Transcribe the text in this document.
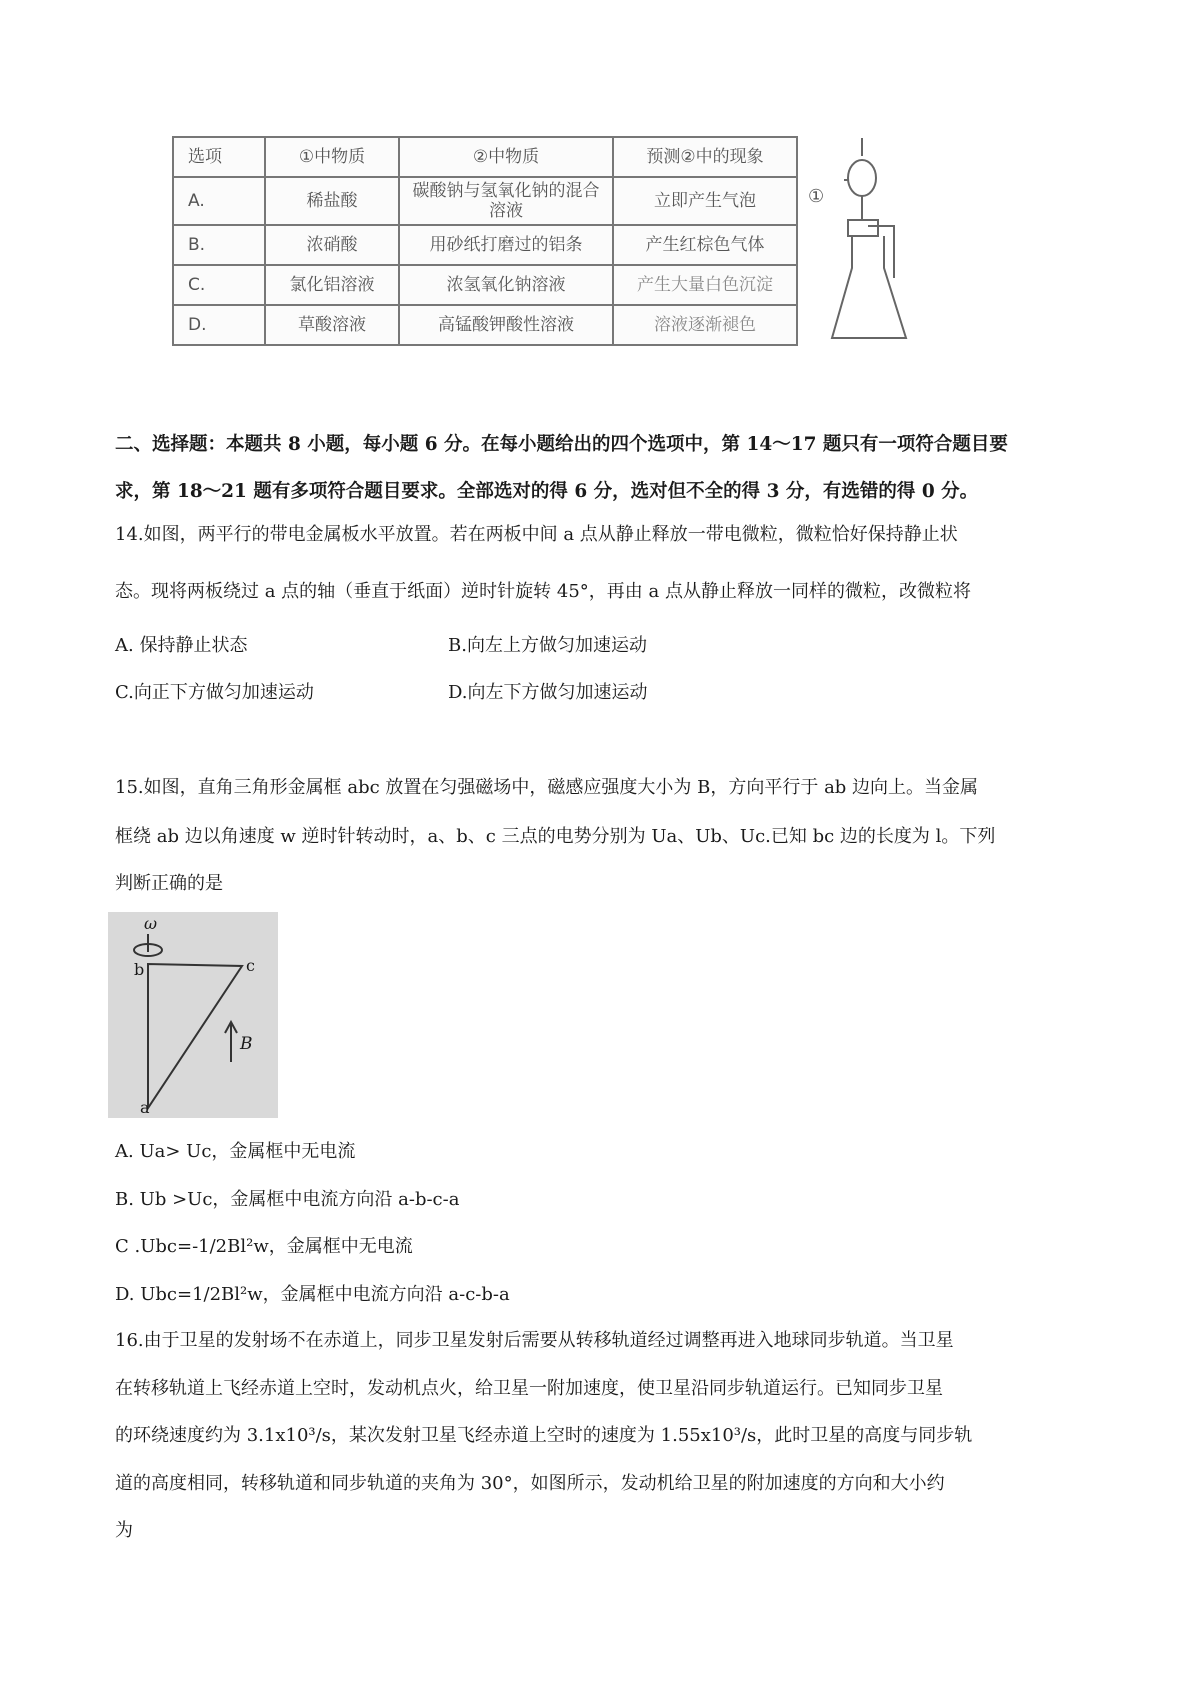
选项	①中物质	②中物质	预测②中的现象
A.	稀盐酸	碳酸钠与氢氧化钠的混合溶液	立即产生气泡
B.	浓硝酸	用砂纸打磨过的铝条	产生红棕色气体
C.	氯化铝溶液	浓氢氧化钠溶液	产生大量白色沉淀
D.	草酸溶液	高锰酸钾酸性溶液	溶液逐渐褪色
①
二、选择题：本题共 8 小题，每小题 6 分。在每小题给出的四个选项中，第 14～17 题只有一项符合题目要
求，第 18～21 题有多项符合题目要求。全部选对的得 6 分，选对但不全的得 3 分，有选错的得 0 分。
14.如图，两平行的带电金属板水平放置。若在两板中间 a 点从静止释放一带电微粒，微粒恰好保持静止状
态。现将两板绕过 a 点的轴（垂直于纸面）逆时针旋转 45°，再由 a 点从静止释放一同样的微粒，改微粒将
A. 保持静止状态	B.向左上方做匀加速运动
C.向正下方做匀加速运动	D.向左下方做匀加速运动
15.如图，直角三角形金属框 abc 放置在匀强磁场中，磁感应强度大小为 B，方向平行于 ab 边向上。当金属
框绕 ab 边以角速度 w 逆时针转动时，a、b、c 三点的电势分别为 Ua、Ub、Uc.已知 bc 边的长度为 l。下列
判断正确的是
ω
b	c
a
B
A. Ua> Uc，金属框中无电流
B. Ub >Uc，金属框中电流方向沿 a-b-c-a
C .Ubc=-1/2Bl²w，金属框中无电流
D. Ubc=1/2Bl²w，金属框中电流方向沿 a-c-b-a
16.由于卫星的发射场不在赤道上，同步卫星发射后需要从转移轨道经过调整再进入地球同步轨道。当卫星
在转移轨道上飞经赤道上空时，发动机点火，给卫星一附加速度，使卫星沿同步轨道运行。已知同步卫星
的环绕速度约为 3.1x10³/s，某次发射卫星飞经赤道上空时的速度为 1.55x10³/s，此时卫星的高度与同步轨
道的高度相同，转移轨道和同步轨道的夹角为 30°，如图所示，发动机给卫星的附加速度的方向和大小约
为
